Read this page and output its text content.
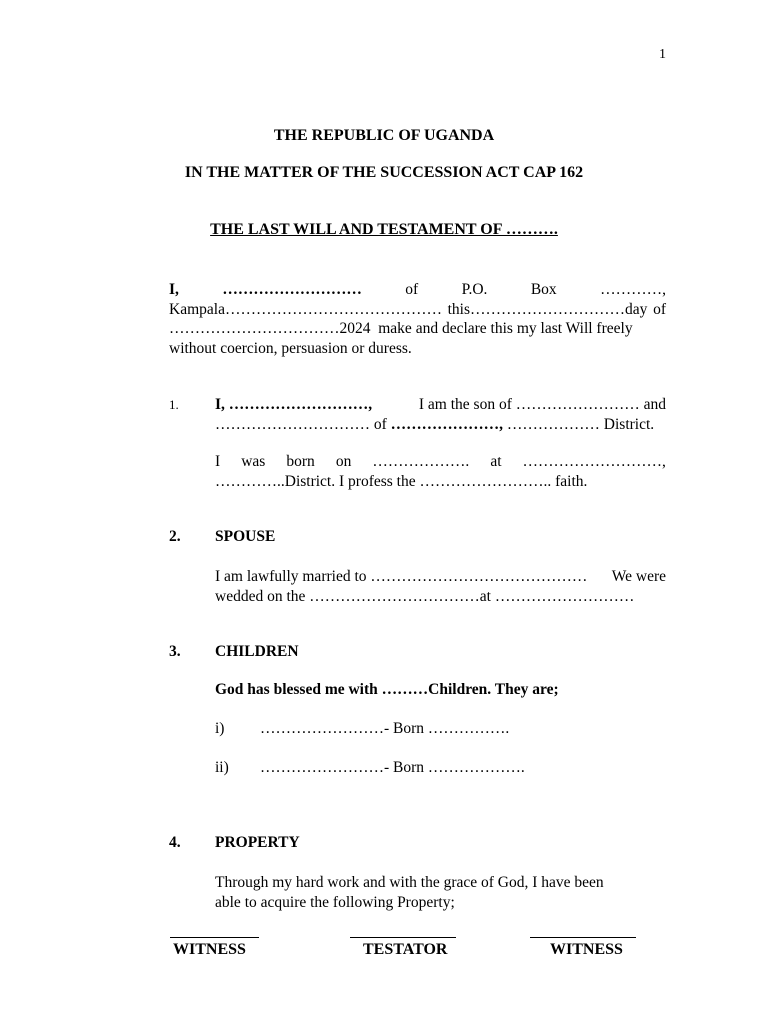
1
THE REPUBLIC OF UGANDA
IN THE MATTER OF THE SUCCESSION ACT CAP 162
THE LAST WILL AND TESTAMENT OF ……….
I,	………………………	of	P.O.	Box	…………,
Kampala…………………………………… this…………………………day of
……………………………2024  make and declare this my last Will freely
without coercion, persuasion or duress.
1. I, ………………………,	I am the son of …………………… and
………………………… of …………………, ……………… District.
I was born on ………………. at ………………………,
…………..District. I profess the …………………….. faith.
2. SPOUSE
I am lawfully married to …………………………………… We were
wedded on the ……………………………at ………………………
3. CHILDREN
God has blessed me with ………Children. They are;
i) ……………………- Born …………….
ii) ……………………- Born ……………….
4. PROPERTY
Through my hard work and with the grace of God, I have been
able to acquire the following Property;
WITNESS	TESTATOR	WITNESS
